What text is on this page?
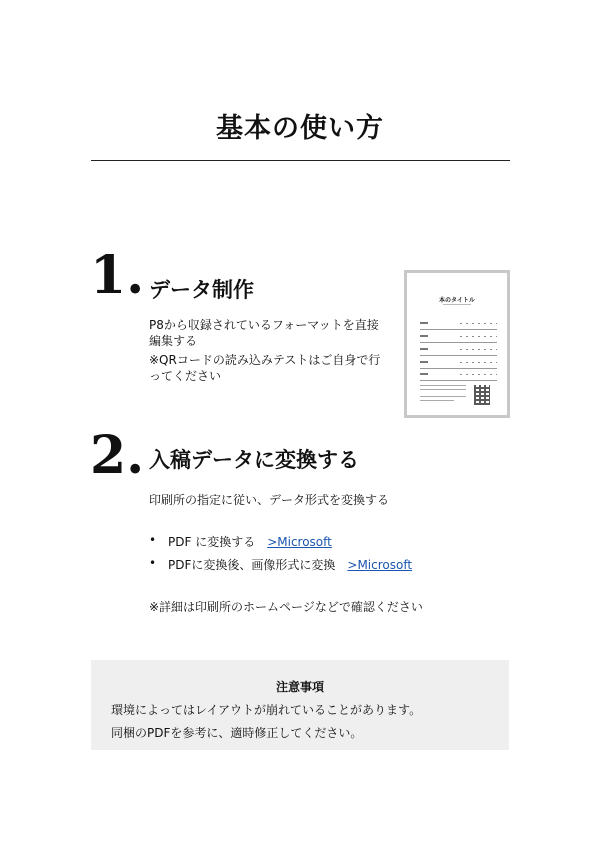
基本の使い方
1. データ制作
P8から収録されているフォーマットを直接編集する
※QRコードの読み込みテストはご自身で行ってください
本のタイトル
2. 入稿データに変換する
印刷所の指定に従い、データ形式を変換する
• PDF に変換する >Microsoft
• PDFに変換後、画像形式に変換 >Microsoft
※詳細は印刷所のホームページなどで確認ください
注意事項
環境によってはレイアウトが崩れていることがあります。
同梱のPDFを参考に、適時修正してください。
